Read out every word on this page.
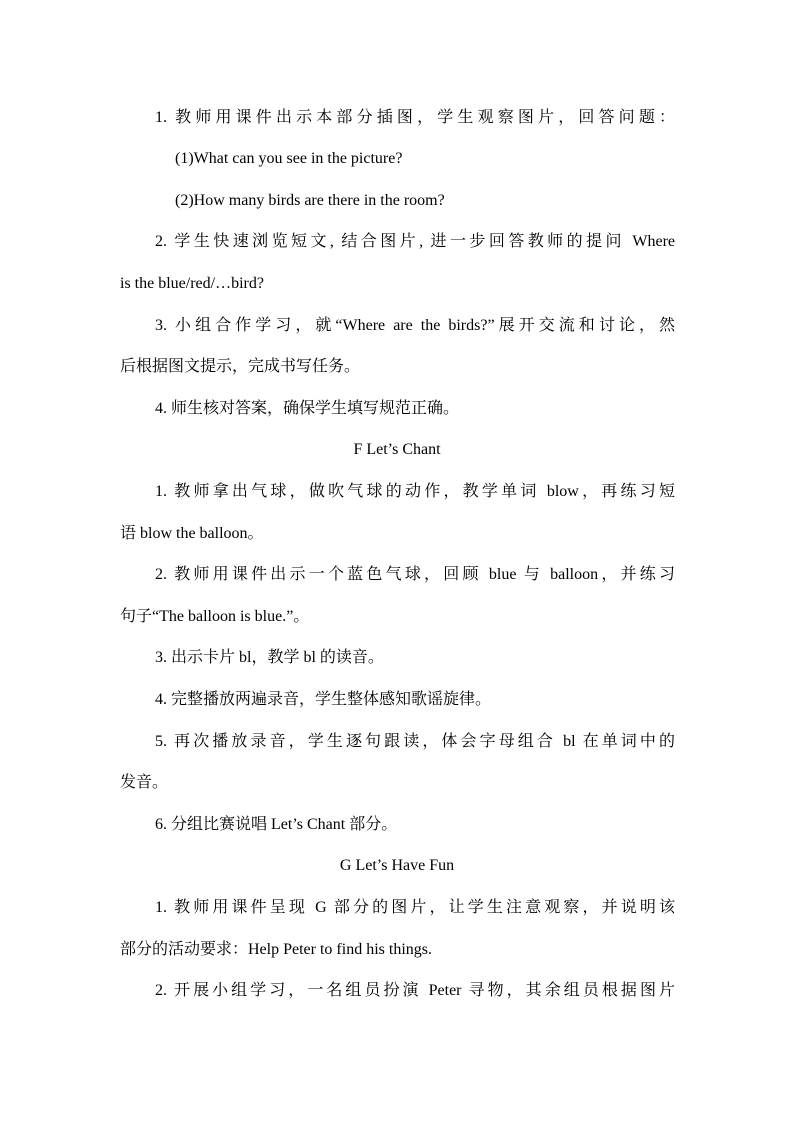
1. 教师用课件出示本部分插图，学生观察图片，回答问题：
(1)What can you see in the picture?
(2)How many birds are there in the room?
2. 学生快速浏览短文, 结合图片, 进一步回答教师的提问 Where
is the blue/red/…bird?
3. 小组合作学习，就“Where are the birds?”展开交流和讨论，然
后根据图文提示，完成书写任务。
4. 师生核对答案，确保学生填写规范正确。
F Let’s Chant
1. 教师拿出气球，做吹气球的动作，教学单词 blow，再练习短
语 blow the balloon。
2. 教师用课件出示一个蓝色气球，回顾 blue 与 balloon，并练习
句子“The balloon is blue.”。
3. 出示卡片 bl，教学 bl 的读音。
4. 完整播放两遍录音，学生整体感知歌谣旋律。
5. 再次播放录音，学生逐句跟读，体会字母组合 bl 在单词中的
发音。
6. 分组比赛说唱 Let’s Chant 部分。
G Let’s Have Fun
1. 教师用课件呈现 G 部分的图片，让学生注意观察，并说明该
部分的活动要求：Help Peter to find his things.
2. 开展小组学习，一名组员扮演 Peter 寻物，其余组员根据图片
